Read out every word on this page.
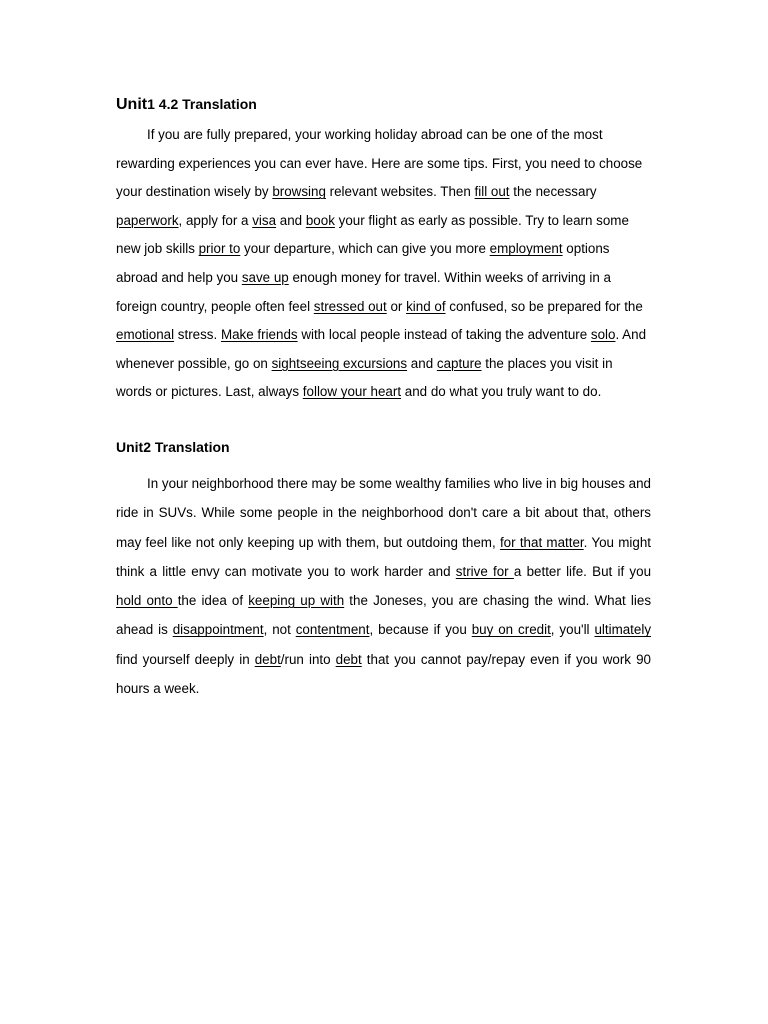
Unit1 4.2 Translation

If you are fully prepared, your working holiday abroad can be one of the most rewarding experiences you can ever have. Here are some tips. First, you need to choose your destination wisely by browsing relevant websites. Then fill out the necessary paperwork, apply for a visa and book your flight as early as possible. Try to learn some new job skills prior to your departure, which can give you more employment options abroad and help you save up enough money for travel. Within weeks of arriving in a foreign country, people often feel stressed out or kind of confused, so be prepared for the emotional stress. Make friends with local people instead of taking the adventure solo. And whenever possible, go on sightseeing excursions and capture the places you visit in words or pictures. Last, always follow your heart and do what you truly want to do.

Unit2 Translation

In your neighborhood there may be some wealthy families who live in big houses and ride in SUVs. While some people in the neighborhood don't care a bit about that, others may feel like not only keeping up with them, but outdoing them, for that matter. You might think a little envy can motivate you to work harder and strive for a better life. But if you hold onto the idea of keeping up with the Joneses, you are chasing the wind. What lies ahead is disappointment, not contentment, because if you buy on credit, you'll ultimately find yourself deeply in debt/run into debt that you cannot pay/repay even if you work 90 hours a week.
